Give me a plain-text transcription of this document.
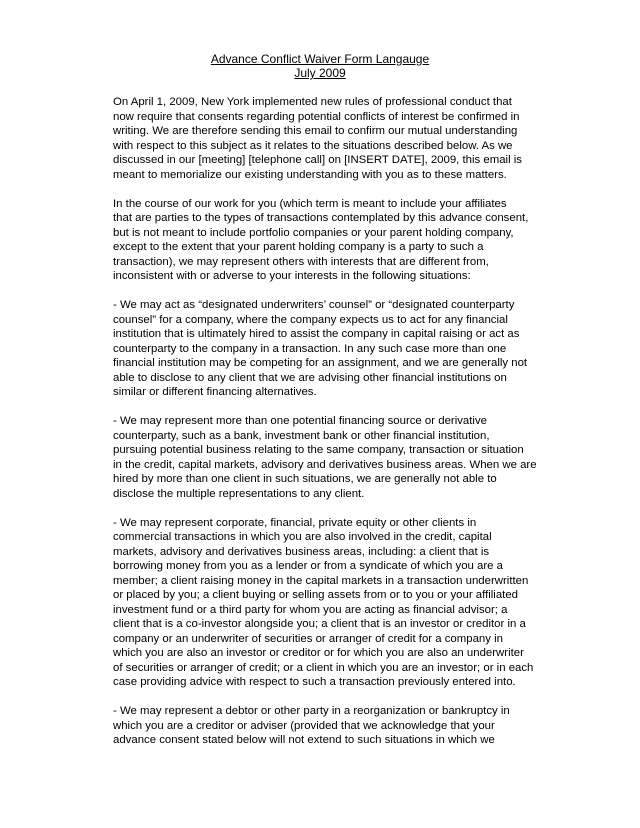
Advance Conflict Waiver Form Langauge
July 2009
On April 1, 2009, New York implemented new rules of professional conduct that
now require that consents regarding potential conflicts of interest be confirmed in
writing. We are therefore sending this email to confirm our mutual understanding
with respect to this subject as it relates to the situations described below. As we
discussed in our [meeting] [telephone call] on [INSERT DATE], 2009, this email is
meant to memorialize our existing understanding with you as to these matters.
In the course of our work for you (which term is meant to include your affiliates
that are parties to the types of transactions contemplated by this advance consent,
but is not meant to include portfolio companies or your parent holding company,
except to the extent that your parent holding company is a party to such a
transaction), we may represent others with interests that are different from,
inconsistent with or adverse to your interests in the following situations:
- We may act as “designated underwriters’ counsel” or “designated counterparty
counsel” for a company, where the company expects us to act for any financial
institution that is ultimately hired to assist the company in capital raising or act as
counterparty to the company in a transaction. In any such case more than one
financial institution may be competing for an assignment, and we are generally not
able to disclose to any client that we are advising other financial institutions on
similar or different financing alternatives.
- We may represent more than one potential financing source or derivative
counterparty, such as a bank, investment bank or other financial institution,
pursuing potential business relating to the same company, transaction or situation
in the credit, capital markets, advisory and derivatives business areas. When we are
hired by more than one client in such situations, we are generally not able to
disclose the multiple representations to any client.
- We may represent corporate, financial, private equity or other clients in
commercial transactions in which you are also involved in the credit, capital
markets, advisory and derivatives business areas, including: a client that is
borrowing money from you as a lender or from a syndicate of which you are a
member; a client raising money in the capital markets in a transaction underwritten
or placed by you; a client buying or selling assets from or to you or your affiliated
investment fund or a third party for whom you are acting as financial advisor; a
client that is a co-investor alongside you; a client that is an investor or creditor in a
company or an underwriter of securities or arranger of credit for a company in
which you are also an investor or creditor or for which you are also an underwriter
of securities or arranger of credit; or a client in which you are an investor; or in each
case providing advice with respect to such a transaction previously entered into.
- We may represent a debtor or other party in a reorganization or bankruptcy in
which you are a creditor or adviser (provided that we acknowledge that your
advance consent stated below will not extend to such situations in which we
